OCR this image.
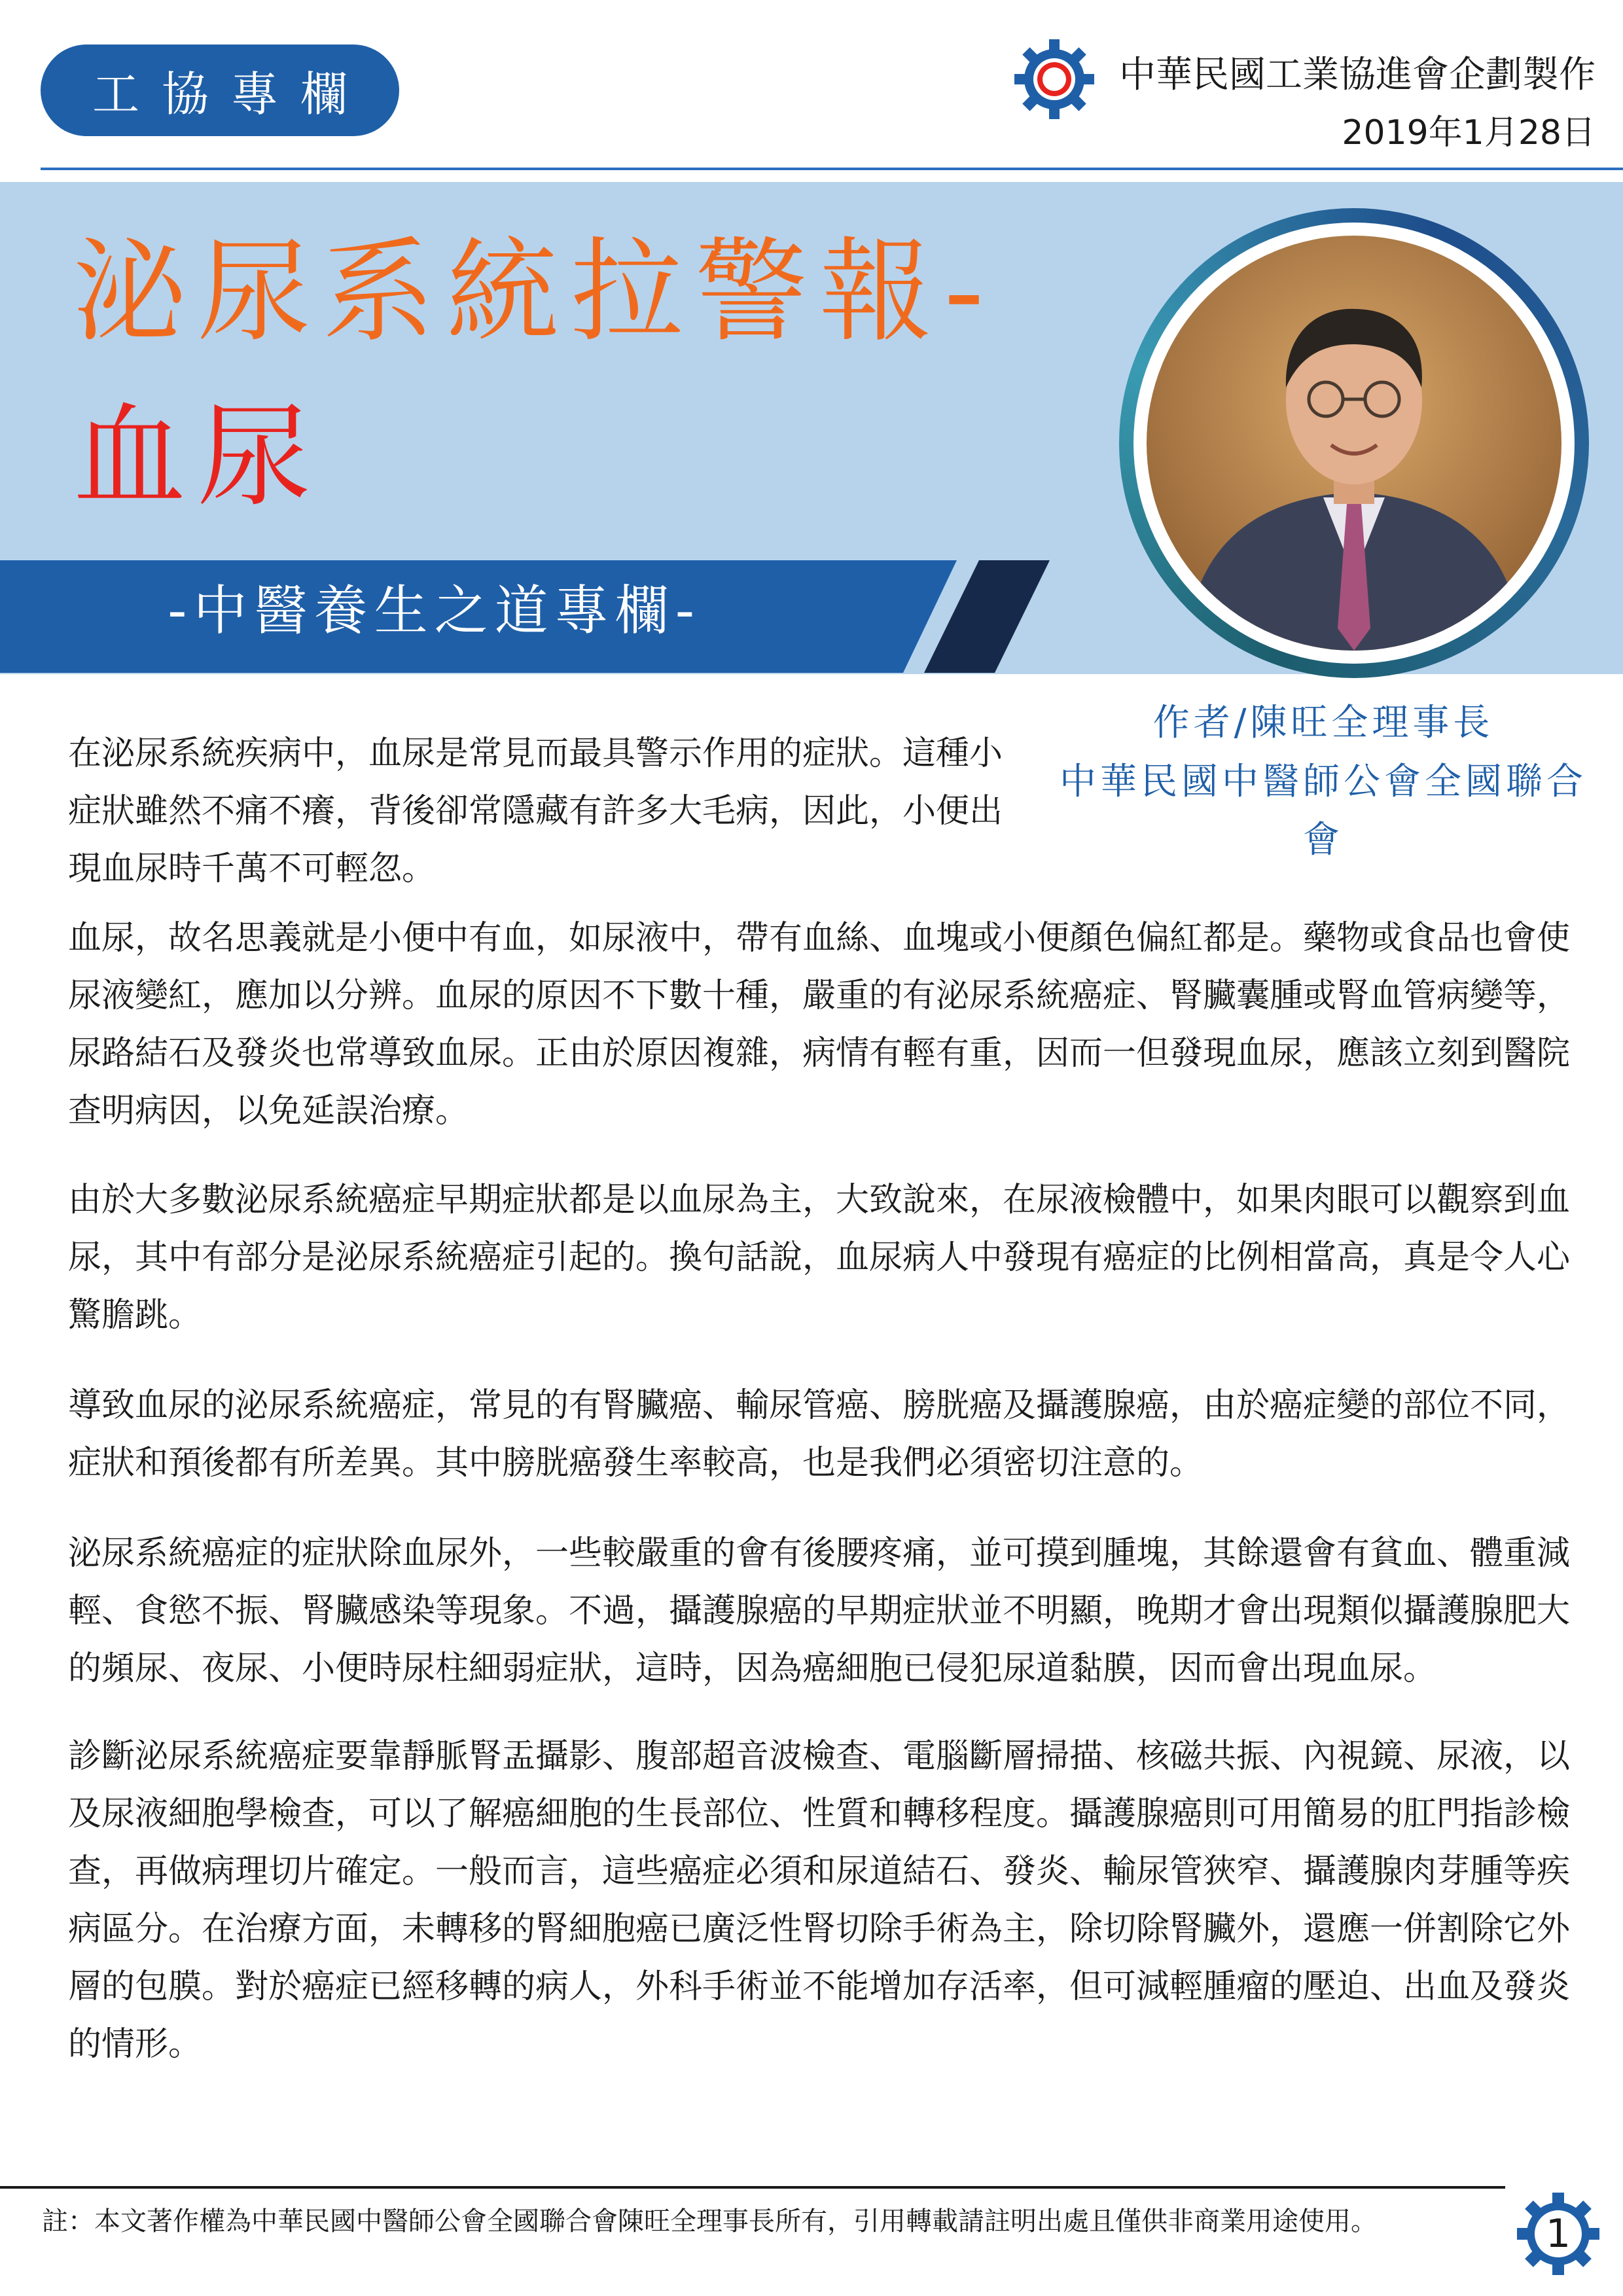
工協專欄	中華民國工業協進會企劃製作
2019年1月28日
泌尿系統拉警報-
血尿
-中醫養生之道專欄-
作者/陳旺全理事長
中華民國中醫師公會全國聯合會
在泌尿系統疾病中，血尿是常見而最具警示作用的症狀。這種小症狀雖然不痛不癢，背後卻常隱藏有許多大毛病，因此，小便出現血尿時千萬不可輕忽。
血尿，故名思義就是小便中有血，如尿液中，帶有血絲、血塊或小便顏色偏紅都是。藥物或食品也會使尿液變紅，應加以分辨。血尿的原因不下數十種，嚴重的有泌尿系統癌症、腎臟囊腫或腎血管病變等，尿路結石及發炎也常導致血尿。正由於原因複雜，病情有輕有重，因而一但發現血尿，應該立刻到醫院查明病因，以免延誤治療。
由於大多數泌尿系統癌症早期症狀都是以血尿為主，大致說來，在尿液檢體中，如果肉眼可以觀察到血尿，其中有部分是泌尿系統癌症引起的。換句話說，血尿病人中發現有癌症的比例相當高，真是令人心驚膽跳。
導致血尿的泌尿系統癌症，常見的有腎臟癌、輸尿管癌、膀胱癌及攝護腺癌，由於癌症變的部位不同，症狀和預後都有所差異。其中膀胱癌發生率較高，也是我們必須密切注意的。
泌尿系統癌症的症狀除血尿外，一些較嚴重的會有後腰疼痛，並可摸到腫塊，其餘還會有貧血、體重減輕、食慾不振、腎臟感染等現象。不過，攝護腺癌的早期症狀並不明顯，晚期才會出現類似攝護腺肥大的頻尿、夜尿、小便時尿柱細弱症狀，這時，因為癌細胞已侵犯尿道黏膜，因而會出現血尿。
診斷泌尿系統癌症要靠靜脈腎盂攝影、腹部超音波檢查、電腦斷層掃描、核磁共振、內視鏡、尿液，以及尿液細胞學檢查，可以了解癌細胞的生長部位、性質和轉移程度。攝護腺癌則可用簡易的肛門指診檢查，再做病理切片確定。一般而言，這些癌症必須和尿道結石、發炎、輸尿管狹窄、攝護腺肉芽腫等疾病區分。在治療方面，未轉移的腎細胞癌已廣泛性腎切除手術為主，除切除腎臟外，還應一併割除它外層的包膜。對於癌症已經移轉的病人，外科手術並不能增加存活率，但可減輕腫瘤的壓迫、出血及發炎的情形。
註：本文著作權為中華民國中醫師公會全國聯合會陳旺全理事長所有，引用轉載請註明出處且僅供非商業用途使用。	1
